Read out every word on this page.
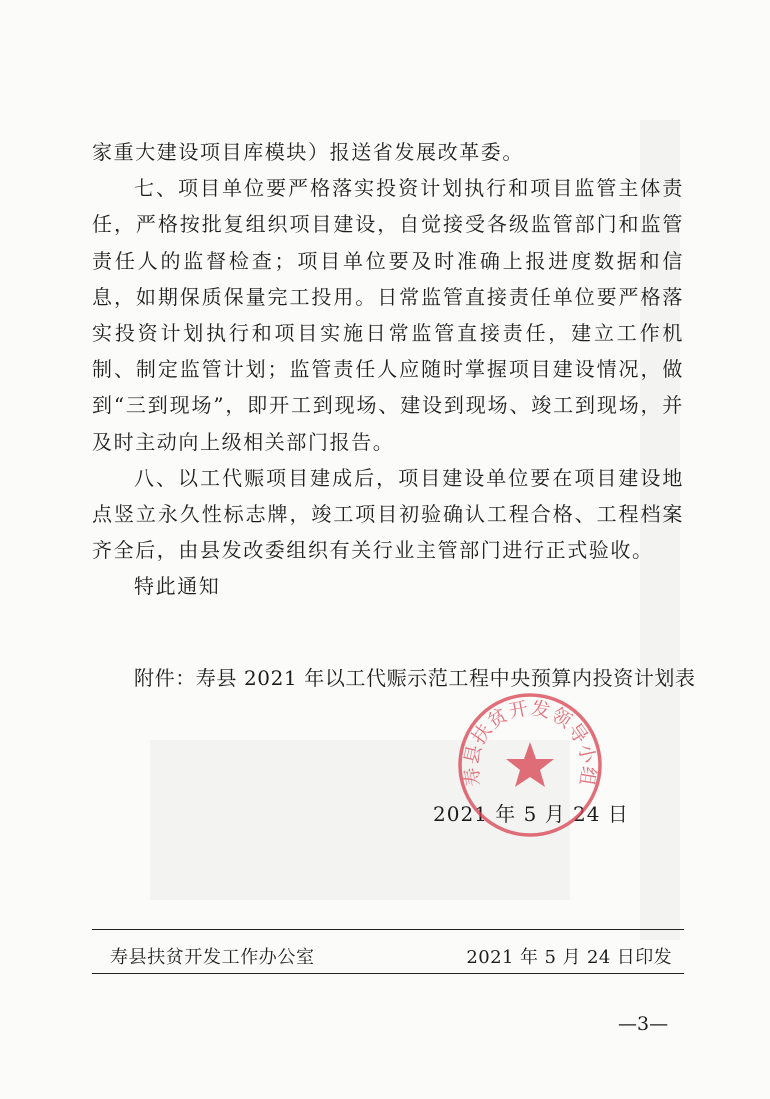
家重大建设项目库模块）报送省发展改革委。

七、项目单位要严格落实投资计划执行和项目监管主体责任，严格按批复组织项目建设，自觉接受各级监管部门和监管责任人的监督检查；项目单位要及时准确上报进度数据和信息，如期保质保量完工投用。日常监管直接责任单位要严格落实投资计划执行和项目实施日常监管直接责任，建立工作机制、制定监管计划；监管责任人应随时掌握项目建设情况，做到“三到现场”，即开工到现场、建设到现场、竣工到现场，并及时主动向上级相关部门报告。

八、以工代赈项目建成后，项目建设单位要在项目建设地点竖立永久性标志牌，竣工项目初验确认工程合格、工程档案齐全后，由县发改委组织有关行业主管部门进行正式验收。

特此通知

附件：寿县 2021 年以工代赈示范工程中央预算内投资计划表
寿县扶贫开发领导小组
2021 年 5 月 24 日
寿县扶贫开发工作办公室	2021 年 5 月 24 日印发
—3—
